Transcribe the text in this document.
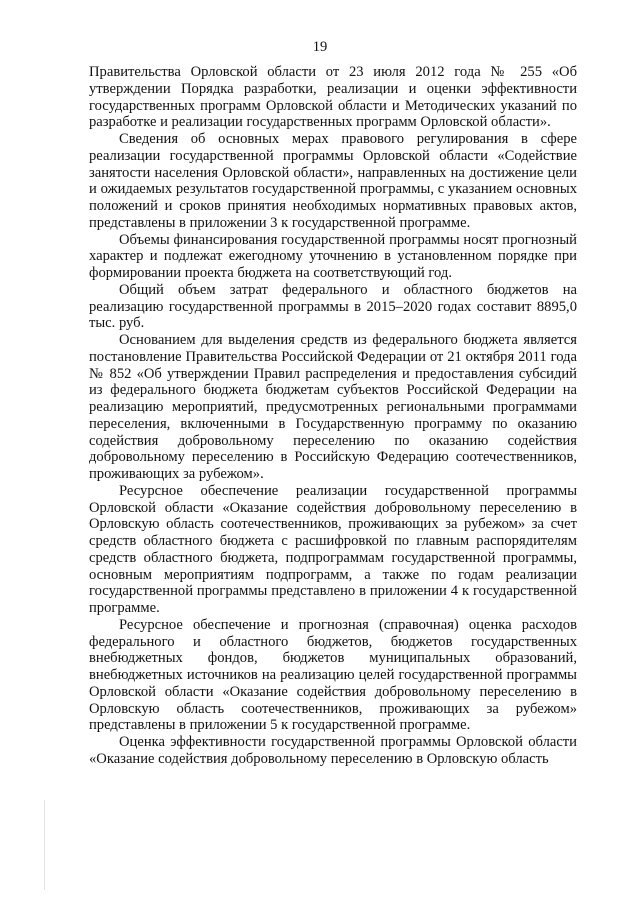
19

Правительства Орловской области от 23 июля 2012 года № 255 «Об утверждении Порядка разработки, реализации и оценки эффективности государственных программ Орловской области и Методических указаний по разработке и реализации государственных программ Орловской области».

Сведения об основных мерах правового регулирования в сфере реализации государственной программы Орловской области «Содействие занятости населения Орловской области», направленных на достижение цели и ожидаемых результатов государственной программы, с указанием основных положений и сроков принятия необходимых нормативных правовых актов, представлены в приложении 3 к государственной программе.

Объемы финансирования государственной программы носят прогнозный характер и подлежат ежегодному уточнению в установленном порядке при формировании проекта бюджета на соответствующий год.

Общий объем затрат федерального и областного бюджетов на реализацию государственной программы в 2015–2020 годах составит 8895,0 тыс. руб.

Основанием для выделения средств из федерального бюджета является постановление Правительства Российской Федерации от 21 октября 2011 года № 852 «Об утверждении Правил распределения и предоставления субсидий из федерального бюджета бюджетам субъектов Российской Федерации на реализацию мероприятий, предусмотренных региональными программами переселения, включенными в Государственную программу по оказанию содействия добровольному переселению по оказанию содействия добровольному переселению в Российскую Федерацию соотечественников, проживающих за рубежом».

Ресурсное обеспечение реализации государственной программы Орловской области «Оказание содействия добровольному переселению в Орловскую область соотечественников, проживающих за рубежом» за счет средств областного бюджета с расшифровкой по главным распорядителям средств областного бюджета, подпрограммам государственной программы, основным мероприятиям подпрограмм, а также по годам реализации государственной программы представлено в приложении 4 к государственной программе.

Ресурсное обеспечение и прогнозная (справочная) оценка расходов федерального и областного бюджетов, бюджетов государственных внебюджетных фондов, бюджетов муниципальных образований, внебюджетных источников на реализацию целей государственной программы Орловской области «Оказание содействия добровольному переселению в Орловскую область соотечественников, проживающих за рубежом» представлены в приложении 5 к государственной программе.

Оценка эффективности государственной программы Орловской области «Оказание содействия добровольному переселению в Орловскую область
